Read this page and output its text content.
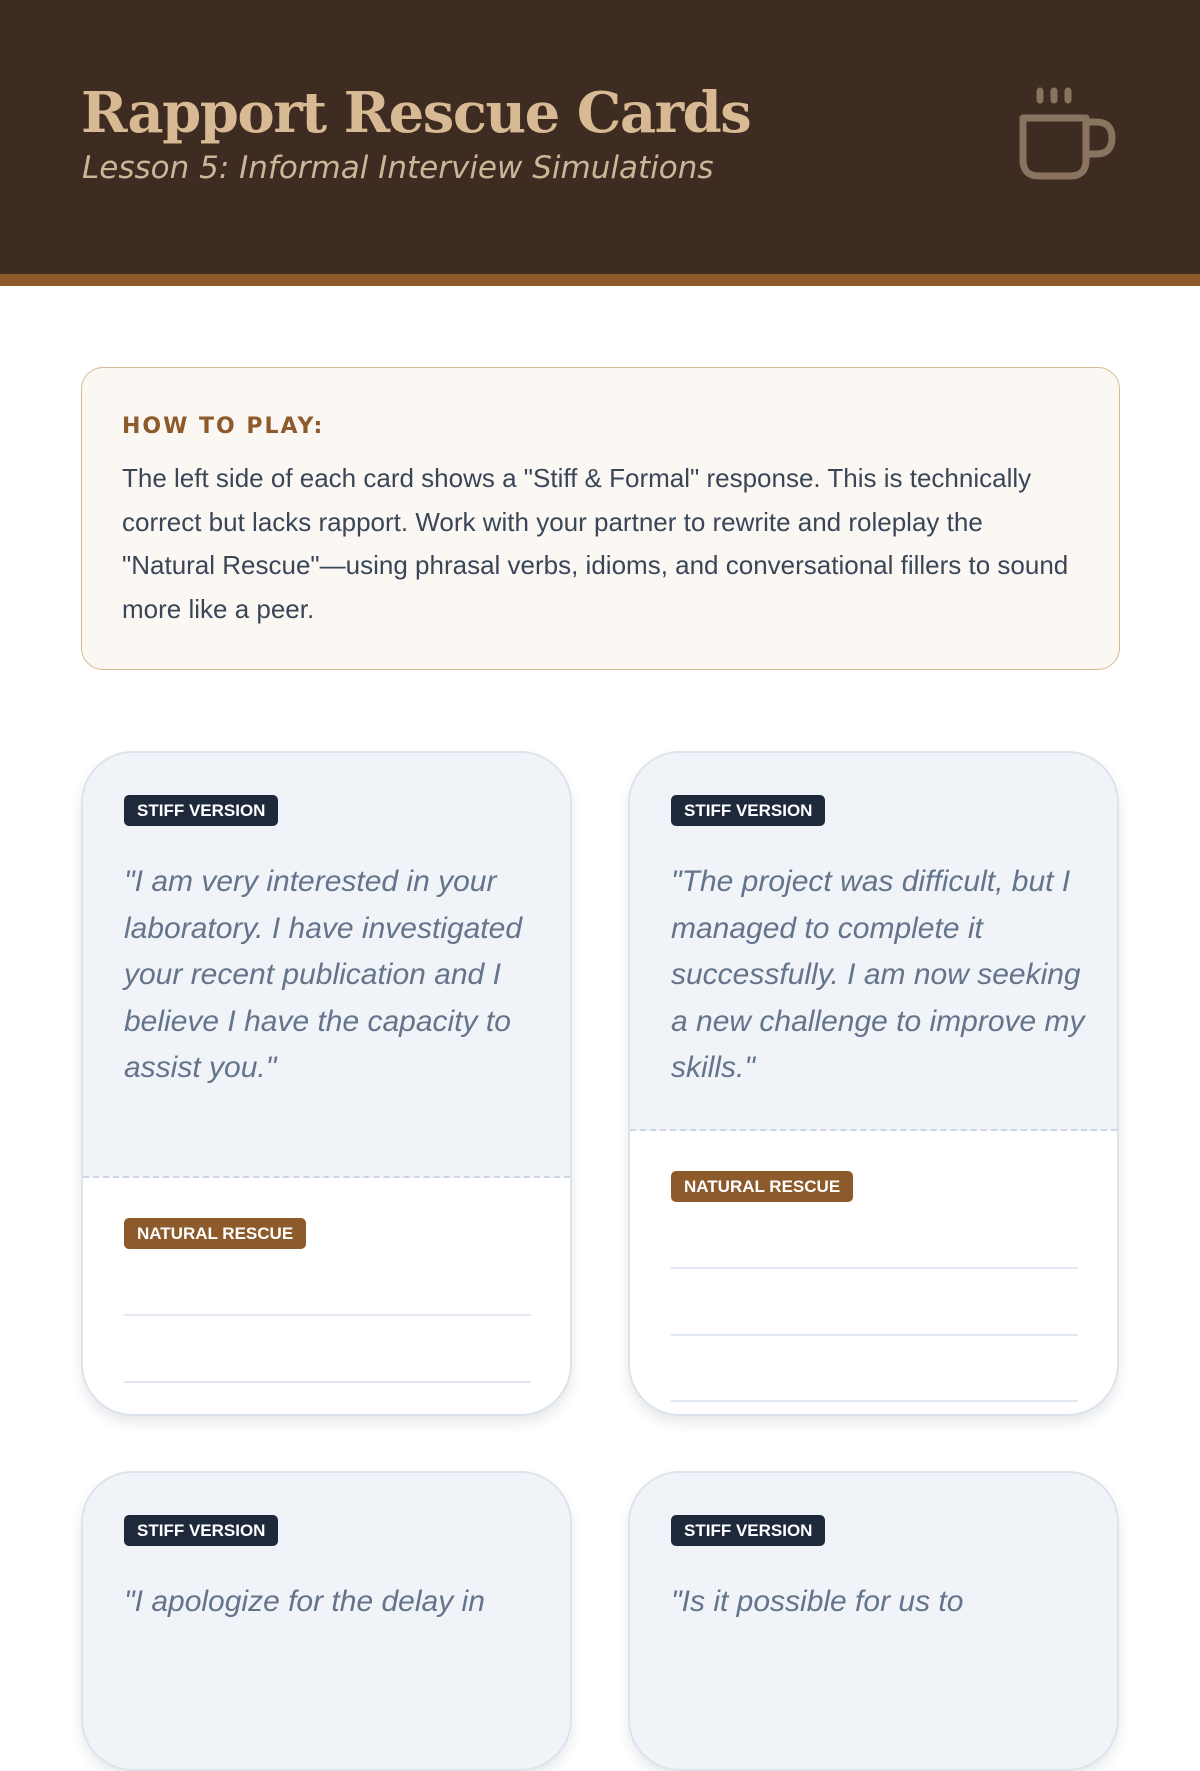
Rapport Rescue Cards
Lesson 5: Informal Interview Simulations
HOW TO PLAY:
The left side of each card shows a "Stiff & Formal" response. This is technically correct but lacks rapport. Work with your partner to rewrite and roleplay the "Natural Rescue"—using phrasal verbs, idioms, and conversational fillers to sound more like a peer.
STIFF VERSION
"I am very interested in your laboratory. I have investigated your recent publication and I believe I have the capacity to assist you."
NATURAL RESCUE
STIFF VERSION
"The project was difficult, but I managed to complete it successfully. I am now seeking a new challenge to improve my skills."
NATURAL RESCUE
STIFF VERSION
"I apologize for the delay in
STIFF VERSION
"Is it possible for us to
